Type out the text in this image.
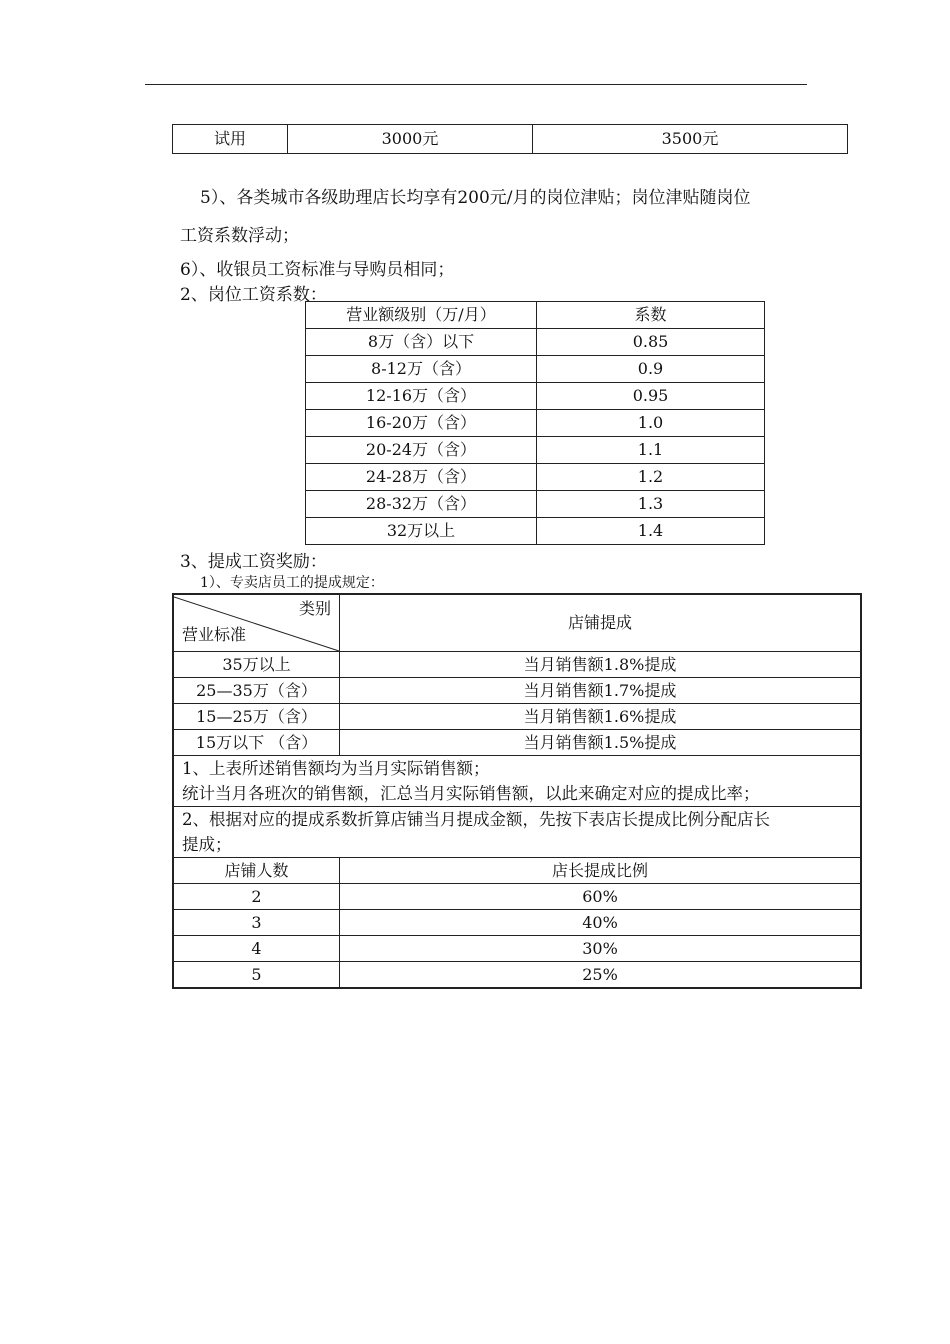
试用	3000元	3500元
5）、各类城市各级助理店长均享有200元/月的岗位津贴；岗位津贴随岗位
工资系数浮动；
6）、收银员工资标准与导购员相同；
2、岗位工资系数：
营业额级别（万/月）	系数
8万（含）以下	0.85
8-12万（含）	0.9
12-16万（含）	0.95
16-20万（含）	1.0
20-24万（含）	1.1
24-28万（含）	1.2
28-32万（含）	1.3
32万以上	1.4
3、提成工资奖励：
1）、专卖店员工的提成规定：
类别
营业标准	店铺提成
35万以上	当月销售额1.8%提成
25—35万（含）	当月销售额1.7%提成
15—25万（含）	当月销售额1.6%提成
15万以下 （含）	当月销售额1.5%提成

1、上表所述销售额均为当月实际销售额；
统计当月各班次的销售额，汇总当月实际销售额，以此来确定对应的提成比率；	

2、根据对应的提成系数折算店铺当月提成金额，先按下表店长提成比例分配店长
提成；	

店铺人数	店长提成比例
2	60%
3	40%
4	30%
5	25%
